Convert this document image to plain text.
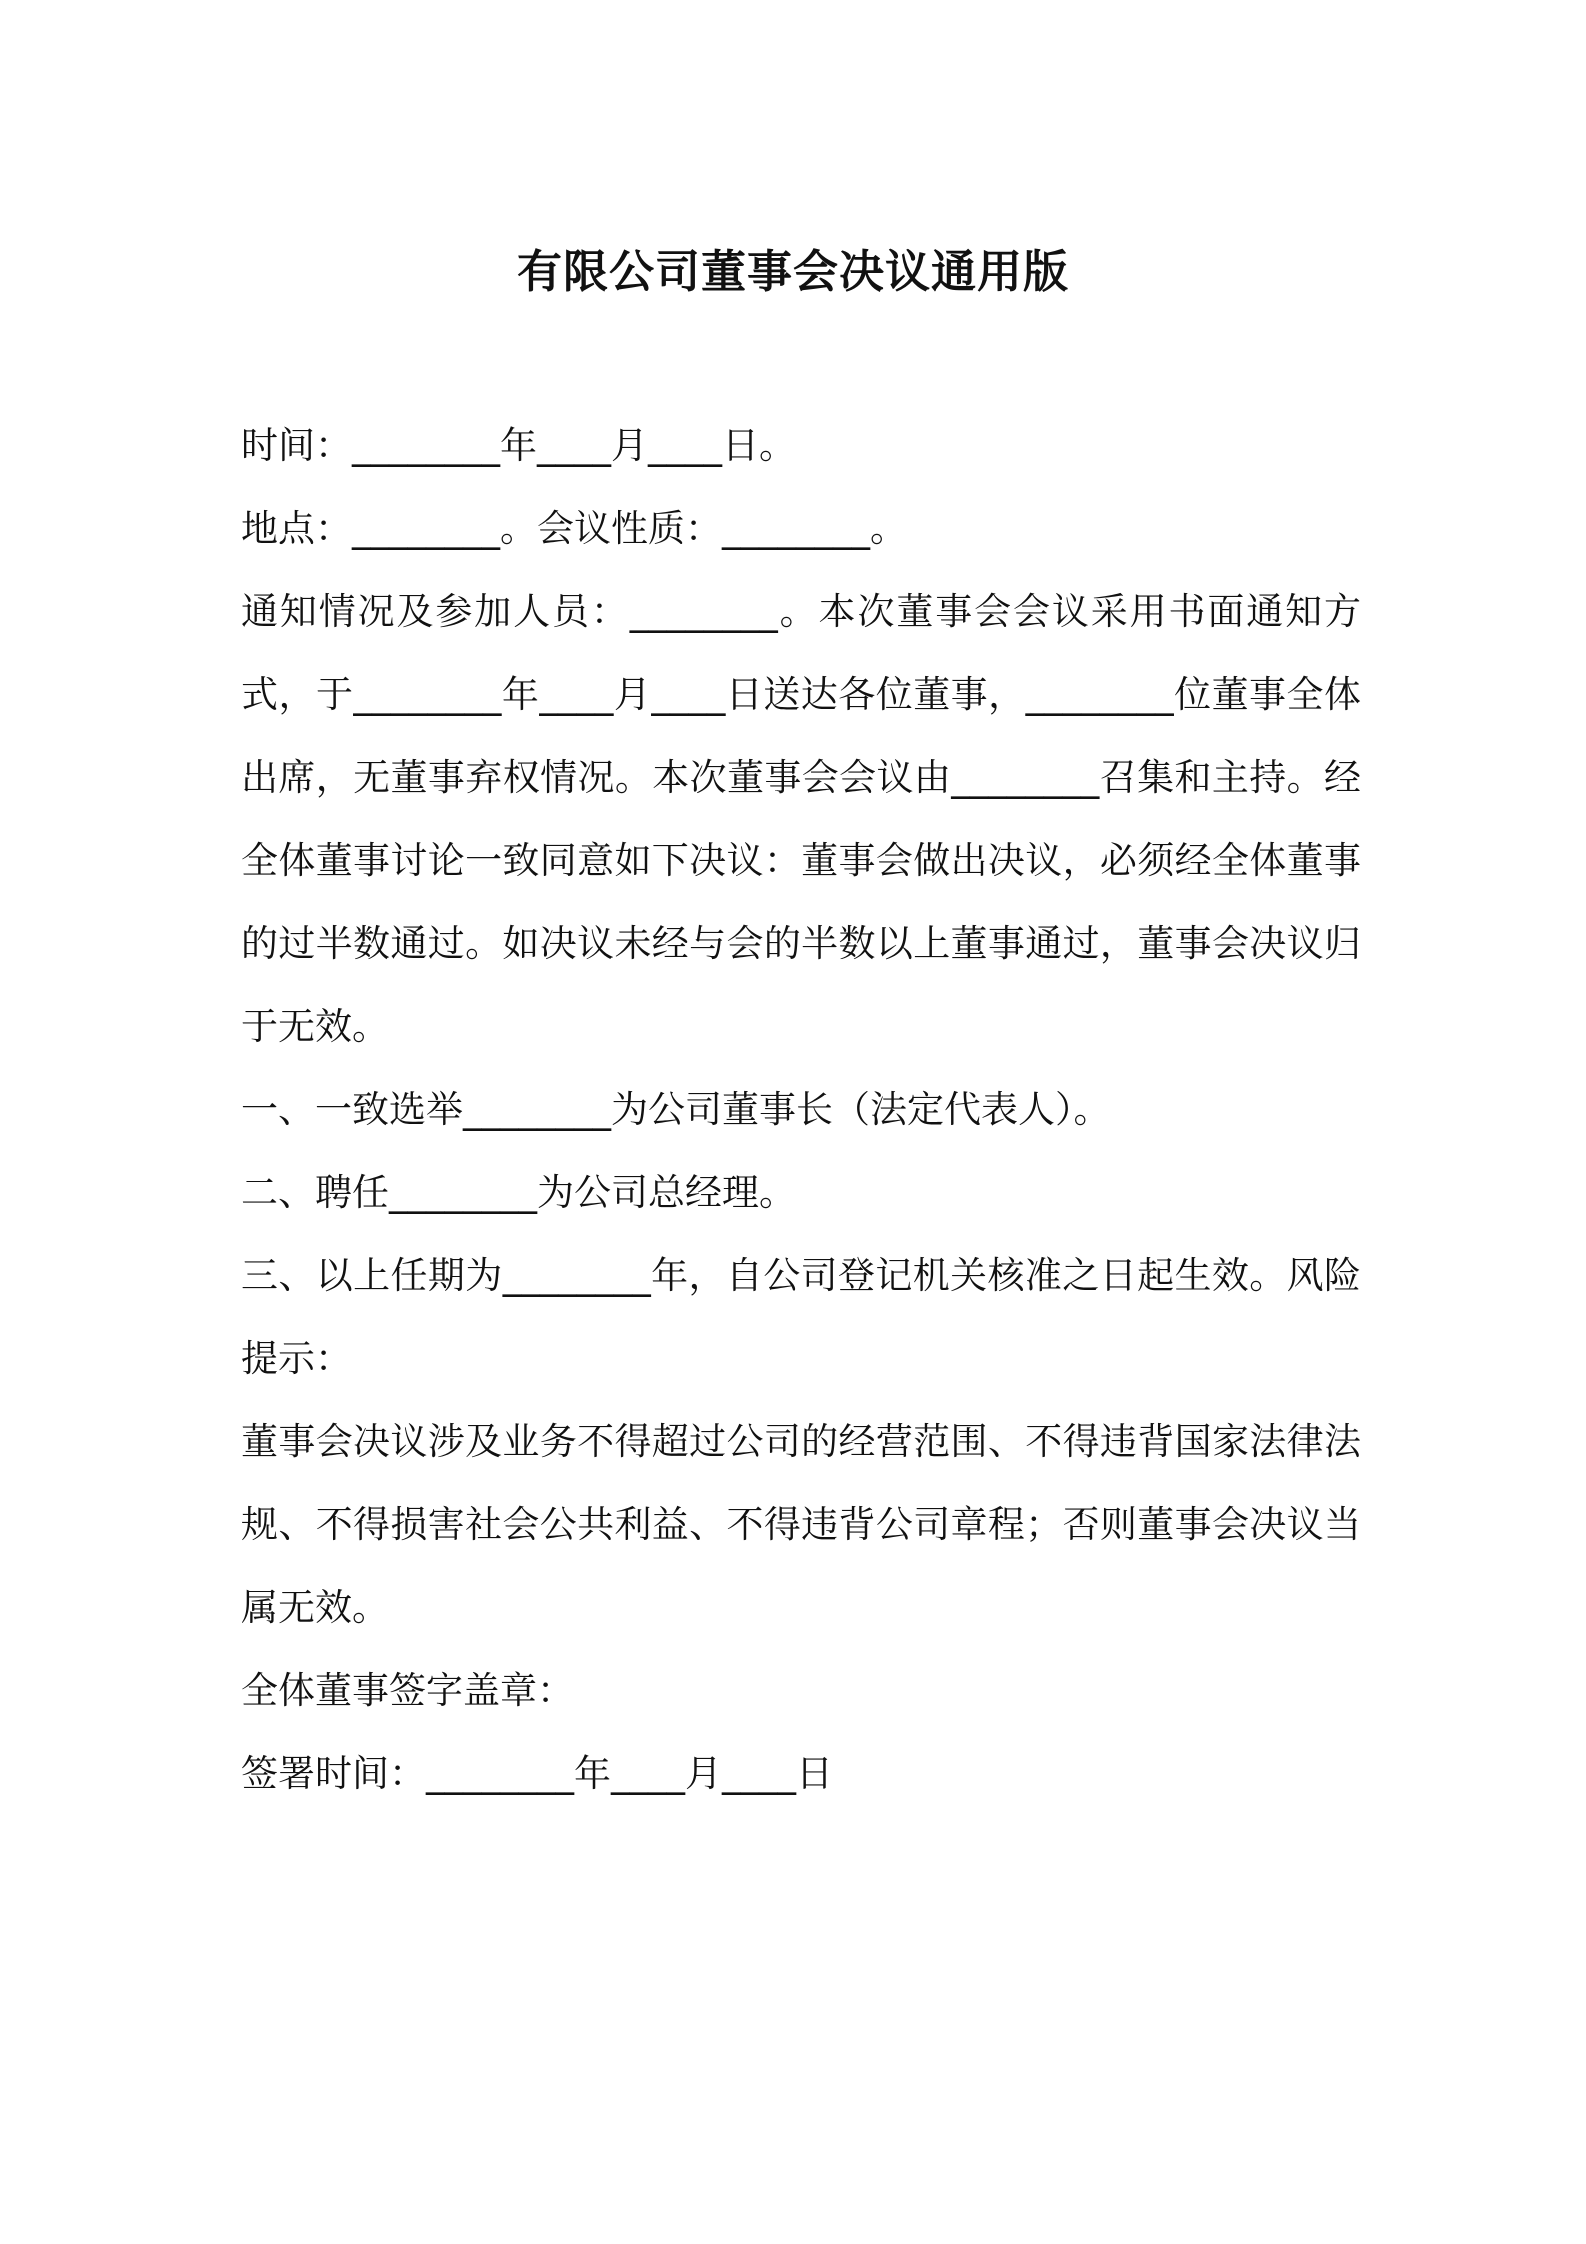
有限公司董事会决议通用版

时间：________年____月____日。

地点：________。会议性质：________。

通知情况及参加人员：________。本次董事会会议采用书面通知方式，于________年____月____日送达各位董事，________位董事全体出席，无董事弃权情况。本次董事会会议由________召集和主持。经全体董事讨论一致同意如下决议：董事会做出决议，必须经全体董事的过半数通过。如决议未经与会的半数以上董事通过，董事会决议归于无效。

一、一致选举________为公司董事长（法定代表人）。

二、聘任________为公司总经理。

三、以上任期为________年，自公司登记机关核准之日起生效。风险提示：

董事会决议涉及业务不得超过公司的经营范围、不得违背国家法律法规、不得损害社会公共利益、不得违背公司章程；否则董事会决议当属无效。

全体董事签字盖章：

签署时间：________年____月____日
